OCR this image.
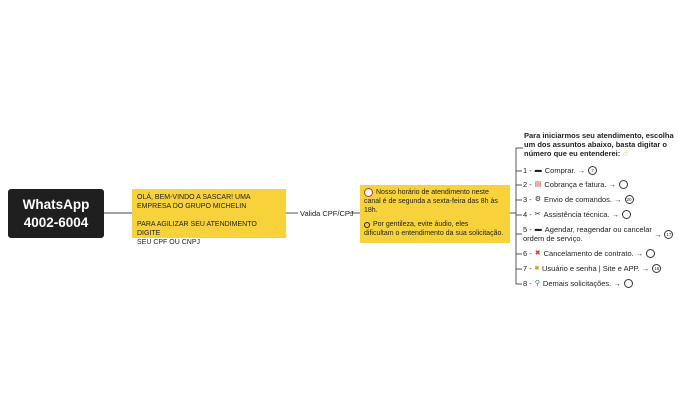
WhatsApp
4002-6004
OLÁ, BEM-VINDO A SASCAR! UMA
EMPRESA DO GRUPO MICHELIN
PARA AGILIZAR SEU ATENDIMENTO DIGITE
SEU CPF OU CNPJ
Valida CPF/CPJ
Nosso horário de atendimento neste
canal é de segunda a sexta-feira das 8h às
18h.
Por gentileza, evite áudio, eles
dificultam o entendimento da sua solicitação.
Para iniciarmos seu atendimento, escolha
um dos assuntos abaixo, basta digitar o
número que eu entenderei: ☝
1 - ▬ Comprar. →	7
2 - ▤ Cobrança e fatura. →
3 - ⚙ Envio de comandos. →	20
4 - ✂ Assistência técnica. →
5 - ▬ Agendar, reagendar ou cancelar
ordem de serviço.	→	17
6 - ✖ Cancelamento de contrato. →
7 - ■ Usuário e senha | Site e APP. →	16
8 - ⚲ Demais solicitações. →
